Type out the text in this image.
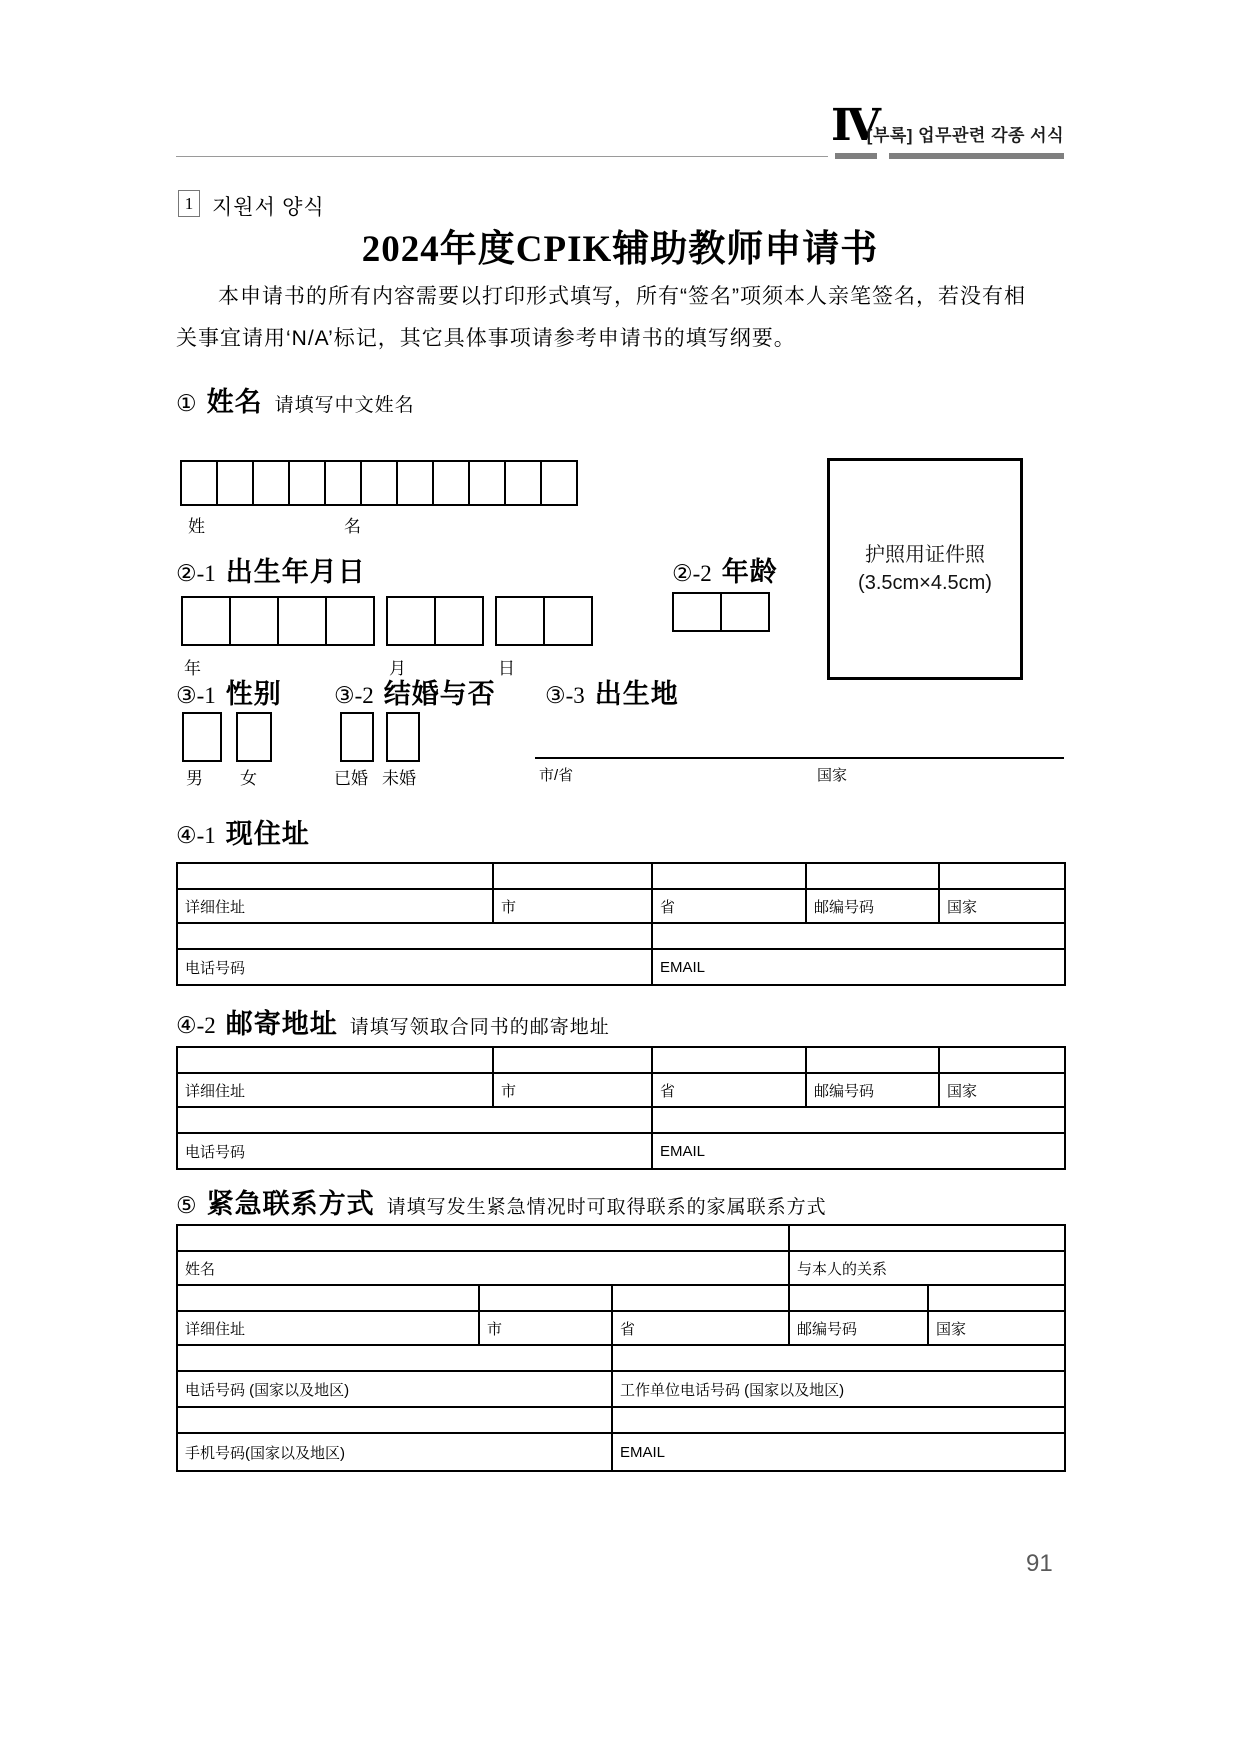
Ⅳ
[부록] 업무관련 각종 서식
1 지원서 양식
2024年度CPIK辅助教师申请书
本申请书的所有内容需要以打印形式填写，所有“签名”项须本人亲笔签名，若没有相
关事宜请用‘N/A’标记，其它具体事项请参考申请书的填写纲要。
① 姓名 请填写中文姓名
姓	名
②-1 出生年月日	②-2 年龄
年	月	日
护照用证件照
(3.5cm×4.5cm)
③-1 性别 ③-2 结婚与否 ③-3 出生地
男 女	已婚 未婚	市/省	国家
④-1 现住址

详细住址	市	省	邮编号码	国家

电话号码		EMAIL		
④-2 邮寄地址 请填写领取合同书的邮寄地址

详细住址	市	省	邮编号码	国家

电话号码		EMAIL		
⑤ 紧急联系方式 请填写发生紧急情况时可取得联系的家属联系方式

姓名			与本人的关系	

详细住址	市	省	邮编号码	国家

电话号码 (国家以及地区)		工作单位电话号码 (国家以及地区)		

手机号码(国家以及地区)		EMAIL		
91
